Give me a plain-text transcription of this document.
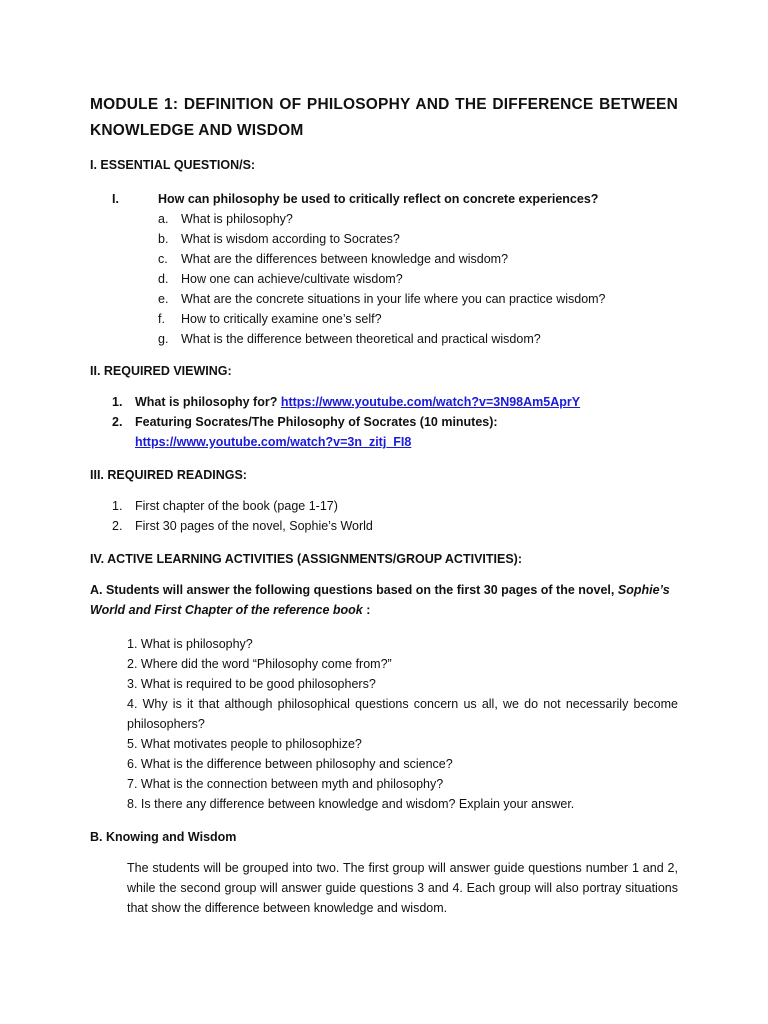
MODULE 1: DEFINITION OF PHILOSOPHY AND THE DIFFERENCE BETWEEN KNOWLEDGE AND WISDOM

I. ESSENTIAL QUESTION/S:

I.	How can philosophy be used to critically reflect on concrete experiences?
a.	What is philosophy?
b.	What is wisdom according to Socrates?
c.	What are the differences between knowledge and wisdom?
d.	How one can achieve/cultivate wisdom?
e.	What are the concrete situations in your life where you can practice wisdom?
f.	How to critically examine one’s self?
g.	What is the difference between theoretical and practical wisdom?

II. REQUIRED VIEWING:

1.	What is philosophy for? https://www.youtube.com/watch?v=3N98Am5AprY
2.	Featuring Socrates/The Philosophy of Socrates (10 minutes):
https://www.youtube.com/watch?v=3n_zitj_FI8

III. REQUIRED READINGS:

1.	First chapter of the book (page 1-17)
2.	First 30 pages of the novel, Sophie’s World

IV. ACTIVE LEARNING ACTIVITIES (ASSIGNMENTS/GROUP ACTIVITIES):

A. Students will answer the following questions based on the first 30 pages of the novel, Sophie’s World and First Chapter of the reference book :

1. What is philosophy?
2. Where did the word “Philosophy come from?”
3. What is required to be good philosophers?
4. Why is it that although philosophical questions concern us all, we do not necessarily become philosophers?
5. What motivates people to philosophize?
6. What is the difference between philosophy and science?
7. What is the connection between myth and philosophy?
8. Is there any difference between knowledge and wisdom? Explain your answer.

B. Knowing and Wisdom

The students will be grouped into two. The first group will answer guide questions number 1 and 2, while the second group will answer guide questions 3 and 4. Each group will also portray situations that show the difference between knowledge and wisdom.
